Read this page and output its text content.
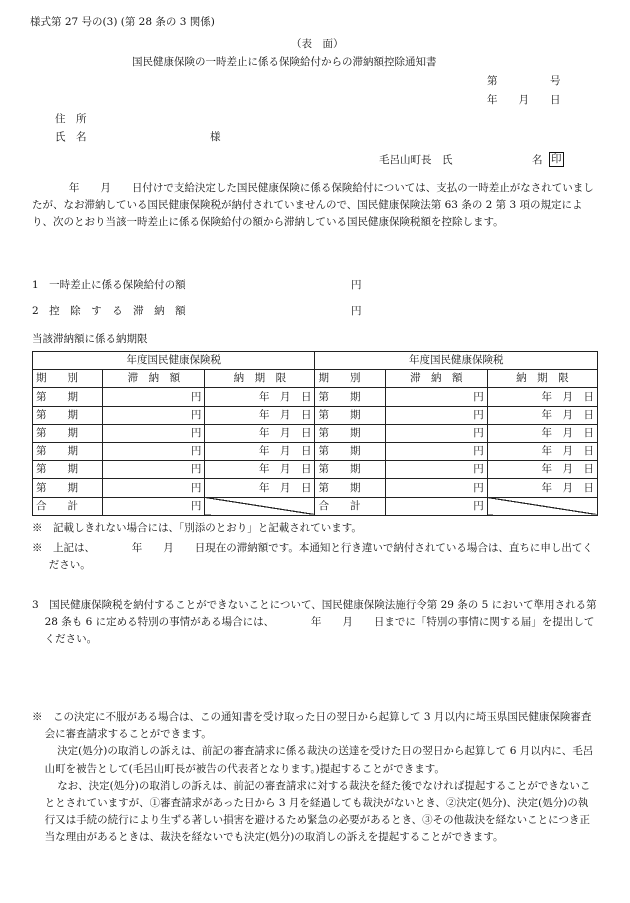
様式第 27 号の(3) (第 28 条の 3 関係)
（表　面）
国民健康保険の一時差止に係る保険給付からの滞納額控除通知書
第　　　　　号
年　　月　　日
住　所
氏　名	様
毛呂山町長　氏	名 印
　 年　　月　　日付けで支給決定した国民健康保険に係る保険給付については、支払の一時差止がなされていましたが、なお滞納している国民健康保険税が納付されていませんので、国民健康保険法第 63 条の 2 第 3 項の規定により、次のとおり当該一時差止に係る保険給付の額から滞納している国民健康保険税額を控除します。
1　一時差止に係る保険給付の額	円
2　控　除　す　る　滞　納　額	円
当該滞納額に係る納期限
年度国民健康保険税			年度国民健康保険税		
期　　別	滞　納　額	納　期　限	期　　別	滞　納　額	納　期　限
第　　期	円	年　月　日	第　　期	円	年　月　日
第　　期	円	年　月　日	第　　期	円	年　月　日
第　　期	円	年　月　日	第　　期	円	年　月　日
第　　期	円	年　月　日	第　　期	円	年　月　日
第　　期	円	年　月　日	第　　期	円	年　月　日
第　　期	円	年　月　日	第　　期	円	年　月　日
合　　計	円		合　　計	円	
※　記載しきれない場合には、「別添のとおり」と記載されています。
※　上記は、　　　　年　　月　　日現在の滞納額です。本通知と行き違いで納付されている場合は、直ちに申し出てください。
3　国民健康保険税を納付することができないことについて、国民健康保険法施行令第 29 条の 5 において準用される第 28 条も 6 に定める特別の事情がある場合には、　　　　年　　月　　日までに「特別の事情に関する届」を提出してください。
※　この決定に不服がある場合は、この通知書を受け取った日の翌日から起算して 3 月以内に埼玉県国民健康保険審査会に審査請求することができます。
決定(処分)の取消しの訴えは、前記の審査請求に係る裁決の送達を受けた日の翌日から起算して 6 月以内に、毛呂山町を被告として(毛呂山町長が被告の代表者となります。)提起することができます。
なお、決定(処分)の取消しの訴えは、前記の審査請求に対する裁決を経た後でなければ提起することができないこととされていますが、①審査請求があった日から 3 月を経過しても裁決がないとき、②決定(処分)、決定(処分)の執行又は手続の続行により生ずる著しい損害を避けるため緊急の必要があるとき、③その他裁決を経ないことにつき正当な理由があるときは、裁決を経ないでも決定(処分)の取消しの訴えを提起することができます。
